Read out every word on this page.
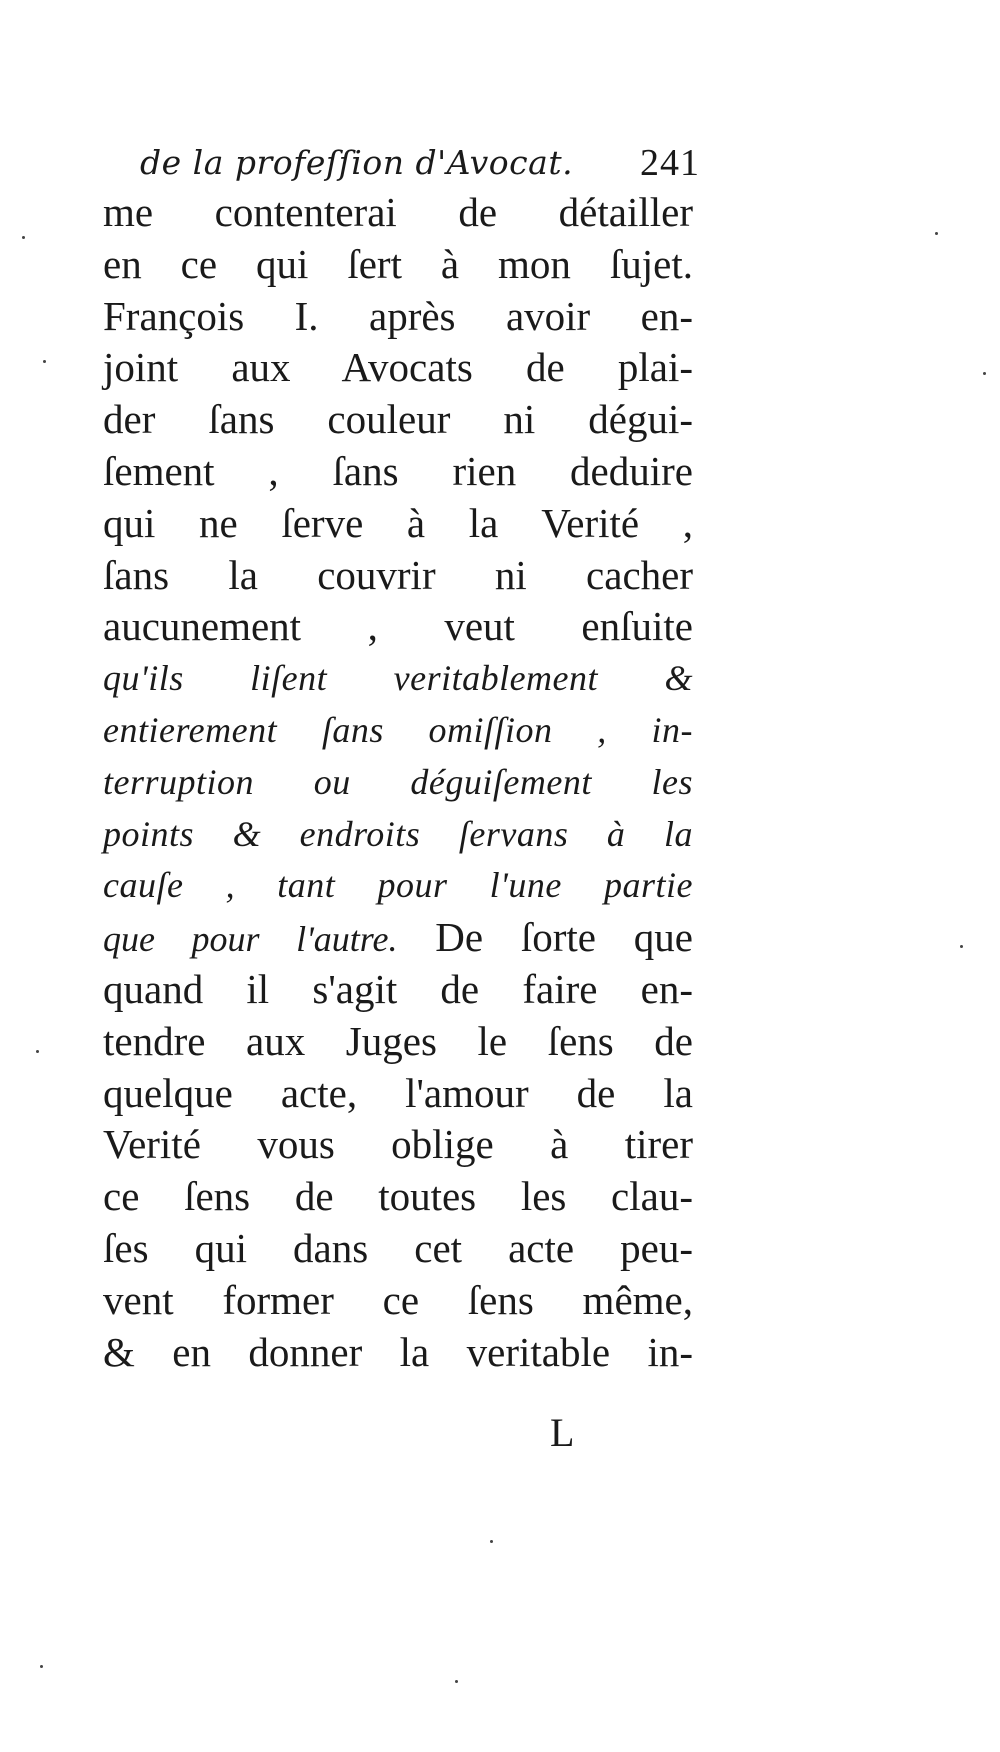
de la profeſſion d'Avocat. 241
me contenterai de détailler
en ce qui ſert à mon ſujet.
François I. après avoir en-
joint aux Avocats de plai-
der ſans couleur ni dégui-
ſement , ſans rien deduire
qui ne ſerve à la Verité ,
ſans la couvrir ni cacher
aucunement , veut enſuite
qu'ils liſent veritablement &
entierement ſans omiſſion , in-
terruption ou déguiſement les
points & endroits ſervans à la
cauſe , tant pour l'une partie
que pour l'autre. De ſorte que
quand il s'agit de faire en-
tendre aux Juges le ſens de
quelque acte, l'amour de la
Verité vous oblige à tirer
ce ſens de toutes les clau-
ſes qui dans cet acte peu-
vent former ce ſens même,
& en donner la veritable in-
L
